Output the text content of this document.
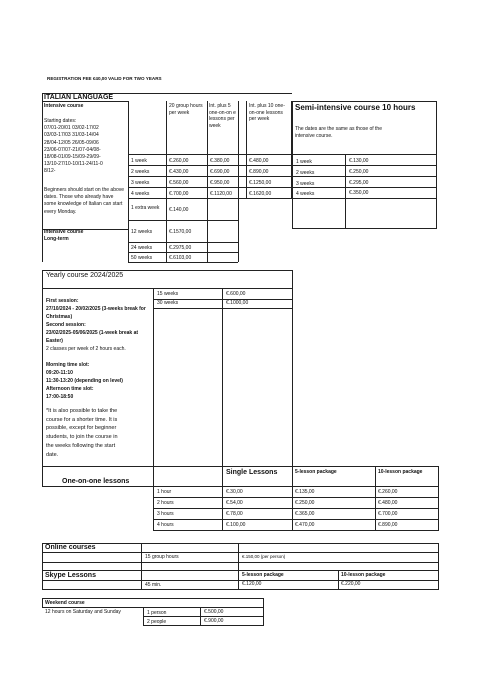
REGISTRATION FEE €40,00 VALID FOR TWO YEARS
ITALIAN LANGUAGE
Intensive course
Starting dates:
07/01-20/01 03/02-17/02
03/03-17/03 31/03-14/04
28/04-12/05 26/05-09/06
23/06-07/07-21/07-04/08-
18/08-01/09-15/09-29/09-
13/10-27/10-10/11-24/11-0
8/12-
Beginners should start on the above dates. Those who already have some knowledge of Italian can start every Monday.
Intensive course
Long-term
20 group hours per week
Int. plus 5 one-on-on e lessons per week
Int. plus 10 one-on-one lessons per week
1 week	€.260,00	€.380,00	€.480,00
2 weeks	€.430,00	€.690,00	€.890,00
3 weeks	€.560,00	€.950,00	€.1250,00
4 weeks	€.700,00	€.1120,00	€.1620,00
1 extra week	€.140,00
12 weeks	€.1570,00
24 weeks	€.2975,00
50 weeks	€.6103,00
Semi-intensive course 10 hours
The dates are the same as those of the intensive course.
1 week	€.130,00
2 weeks	€.250,00
3 weeks	€.295,00
4 weeks	€.350,00
Yearly course 2024/2025
15 weeks	€.600,00
30 weeks	€.1000,00
First session:
27/10/2024 - 20/02/2025 (3-weeks break for Christmas)
Second session:
23/02/2025-05/06/2025 (1-week break at Easter)
2 classes per week of 2 hours each.
Morning time slot:
09:20-11:10
11:30-13:20 (depending on level)
Afternoon time slot:
17:00-18:50
*It is also possible to take the course for a shorter time. It is possible, except for beginner students, to join the course in the weeks following the start date.
One-on-one lessons
Single Lessons	5-lesson package	10-lesson package
1 hour	€.30,00	€.135,00	€.260,00
2 hours	€.54,00	€.250,00	€.480,00
3 hours	€.78,00	€.365,00	€.700,00
4 hours	€.100,00	€.470,00	€.890,00
Online courses
15 group hours	€.150,00 (per person)
Skype Lessons	5-lesson package	10-lesson package
45 min.	€.120,00	€.220,00
Weekend course
12 hours on Saturday and Sunday	1 person	€.500,00
2 people	€.900,00
